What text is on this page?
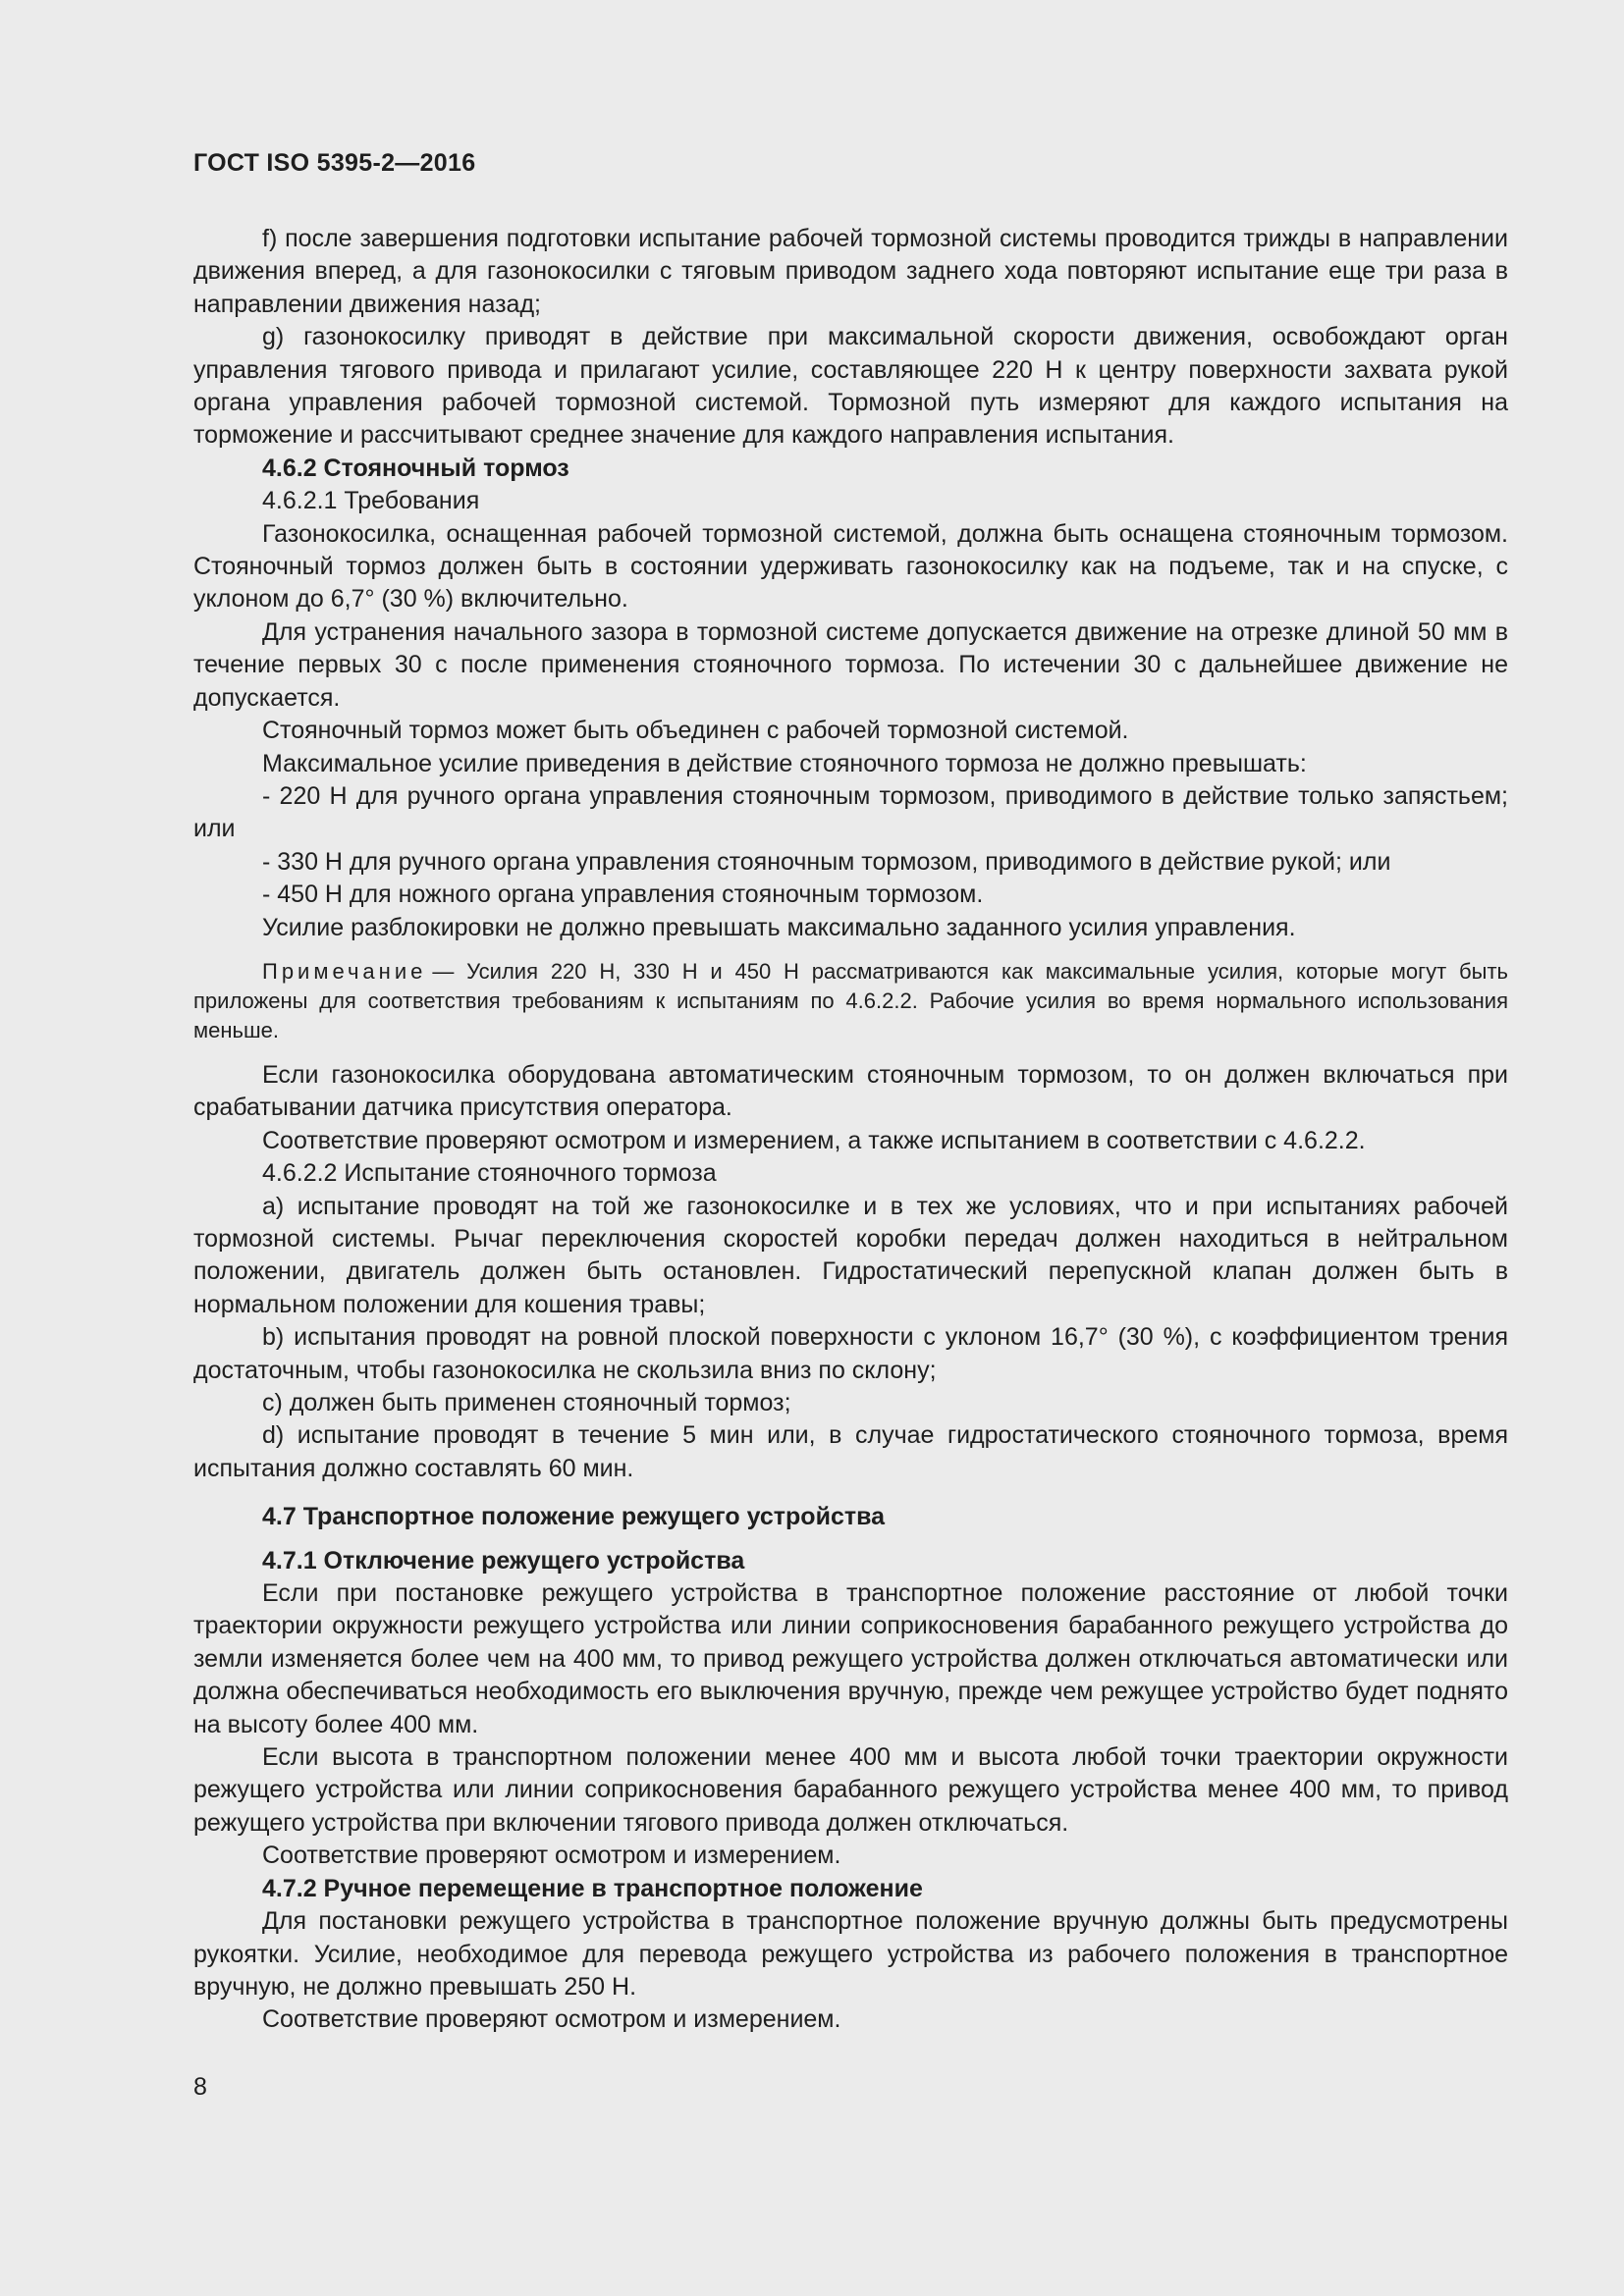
ГОСТ ISO 5395-2—2016

f) после завершения подготовки испытание рабочей тормозной системы проводится трижды в направлении движения вперед, а для газонокосилки с тяговым приводом заднего хода повторяют испытание еще три раза в направлении движения назад;

g) газонокосилку приводят в действие при максимальной скорости движения, освобождают орган управления тягового привода и прилагают усилие, составляющее 220 Н к центру поверхности захвата рукой органа управления рабочей тормозной системой. Тормозной путь измеряют для каждого испытания на торможение и рассчитывают среднее значение для каждого направления испытания.

4.6.2 Стояночный тормоз

4.6.2.1 Требования

Газонокосилка, оснащенная рабочей тормозной системой, должна быть оснащена стояночным тормозом. Стояночный тормоз должен быть в состоянии удерживать газонокосилку как на подъеме, так и на спуске, с уклоном до 6,7° (30 %) включительно.

Для устранения начального зазора в тормозной системе допускается движение на отрезке длиной 50 мм в течение первых 30 с после применения стояночного тормоза. По истечении 30 с дальнейшее движение не допускается.

Стояночный тормоз может быть объединен с рабочей тормозной системой.

Максимальное усилие приведения в действие стояночного тормоза не должно превышать:

- 220 Н для ручного органа управления стояночным тормозом, приводимого в действие только запястьем; или

- 330 Н для ручного органа управления стояночным тормозом, приводимого в действие рукой; или

- 450 Н для ножного органа управления стояночным тормозом.

Усилие разблокировки не должно превышать максимально заданного усилия управления.

Примечание — Усилия 220 Н, 330 Н и 450 Н рассматриваются как максимальные усилия, которые могут быть приложены для соответствия требованиям к испытаниям по 4.6.2.2. Рабочие усилия во время нормального использования меньше.

Если газонокосилка оборудована автоматическим стояночным тормозом, то он должен включаться при срабатывании датчика присутствия оператора.

Соответствие проверяют осмотром и измерением, а также испытанием в соответствии с 4.6.2.2.

4.6.2.2 Испытание стояночного тормоза

a) испытание проводят на той же газонокосилке и в тех же условиях, что и при испытаниях рабочей тормозной системы. Рычаг переключения скоростей коробки передач должен находиться в нейтральном положении, двигатель должен быть остановлен. Гидростатический перепускной клапан должен быть в нормальном положении для кошения травы;

b) испытания проводят на ровной плоской поверхности с уклоном 16,7° (30 %), с коэффициентом трения достаточным, чтобы газонокосилка не скользила вниз по склону;

c) должен быть применен стояночный тормоз;

d) испытание проводят в течение 5 мин или, в случае гидростатического стояночного тормоза, время испытания должно составлять 60 мин.

4.7 Транспортное положение режущего устройства

4.7.1 Отключение режущего устройства

Если при постановке режущего устройства в транспортное положение расстояние от любой точки траектории окружности режущего устройства или линии соприкосновения барабанного режущего устройства до земли изменяется более чем на 400 мм, то привод режущего устройства должен отключаться автоматически или должна обеспечиваться необходимость его выключения вручную, прежде чем режущее устройство будет поднято на высоту более 400 мм.

Если высота в транспортном положении менее 400 мм и высота любой точки траектории окружности режущего устройства или линии соприкосновения барабанного режущего устройства менее 400 мм, то привод режущего устройства при включении тягового привода должен отключаться.

Соответствие проверяют осмотром и измерением.

4.7.2 Ручное перемещение в транспортное положение

Для постановки режущего устройства в транспортное положение вручную должны быть предусмотрены рукоятки. Усилие, необходимое для перевода режущего устройства из рабочего положения в транспортное вручную, не должно превышать 250 Н.

Соответствие проверяют осмотром и измерением.

8
